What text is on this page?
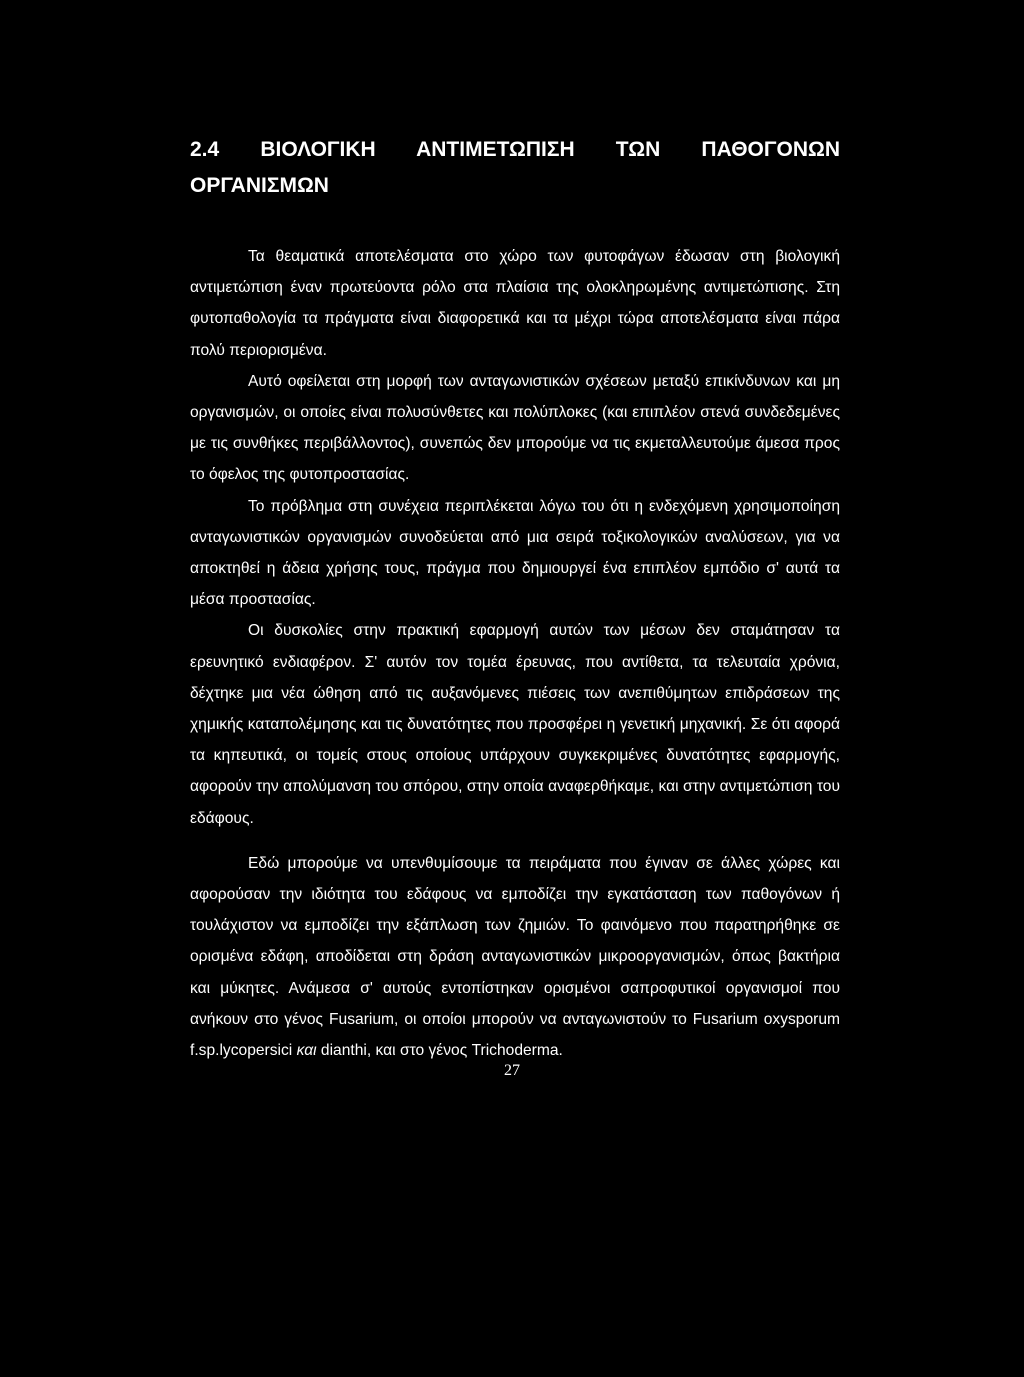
2.4 ΒΙΟΛΟΓΙΚΗ ΑΝΤΙΜΕΤΩΠΙΣΗ ΤΩΝ ΠΑΘΟΓΟΝΩΝ
ΟΡΓΑΝΙΣΜΩΝ

Τα θεαματικά αποτελέσματα στο χώρο των φυτοφάγων έδωσαν στη βιολογική αντιμετώπιση έναν πρωτεύοντα ρόλο στα πλαίσια της ολοκληρωμένης αντιμετώπισης. Στη φυτοπαθολογία τα πράγματα είναι διαφορετικά και τα μέχρι τώρα αποτελέσματα είναι πάρα πολύ περιορισμένα.

Αυτό οφείλεται στη μορφή των ανταγωνιστικών σχέσεων μεταξύ επικίνδυνων και μη οργανισμών, οι οποίες είναι πολυσύνθετες και πολύπλοκες (και επιπλέον στενά συνδεδεμένες με τις συνθήκες περιβάλλοντος), συνεπώς δεν μπορούμε να τις εκμεταλλευτούμε άμεσα προς το όφελος της φυτοπροστασίας.

Το πρόβλημα στη συνέχεια περιπλέκεται λόγω του ότι η ενδεχόμενη χρησιμοποίηση ανταγωνιστικών οργανισμών συνοδεύεται από μια σειρά τοξικολογικών αναλύσεων, για να αποκτηθεί η άδεια χρήσης τους, πράγμα που δημιουργεί ένα επιπλέον εμπόδιο σ' αυτά τα μέσα προστασίας.

Οι δυσκολίες στην πρακτική εφαρμογή αυτών των μέσων δεν σταμάτησαν τα ερευνητικό ενδιαφέρον. Σ' αυτόν τον τομέα έρευνας, που αντίθετα, τα τελευταία χρόνια, δέχτηκε μια νέα ώθηση από τις αυξανόμενες πιέσεις των ανεπιθύμητων επιδράσεων της χημικής καταπολέμησης και τις δυνατότητες που προσφέρει η γενετική μηχανική. Σε ότι αφορά τα κηπευτικά, οι τομείς στους οποίους υπάρχουν συγκεκριμένες δυνατότητες εφαρμογής, αφορούν την απολύμανση του σπόρου, στην οποία αναφερθήκαμε, και στην αντιμετώπιση του εδάφους.

Εδώ μπορούμε να υπενθυμίσουμε τα πειράματα που έγιναν σε άλλες χώρες και αφορούσαν την ιδιότητα του εδάφους να εμποδίζει την εγκατάσταση των παθογόνων ή τουλάχιστον να εμποδίζει την εξάπλωση των ζημιών. Το φαινόμενο που παρατηρήθηκε σε ορισμένα εδάφη, αποδίδεται στη δράση ανταγωνιστικών μικροοργανισμών, όπως βακτήρια και μύκητες. Ανάμεσα σ' αυτούς εντοπίστηκαν ορισμένοι σαπροφυτικοί οργανισμοί που ανήκουν στο γένος Fusarium, οι οποίοι μπορούν να ανταγωνιστούν το Fusarium oxysporum f.sp.lycopersici και dianthi, και στο γένος Trichoderma.

27
